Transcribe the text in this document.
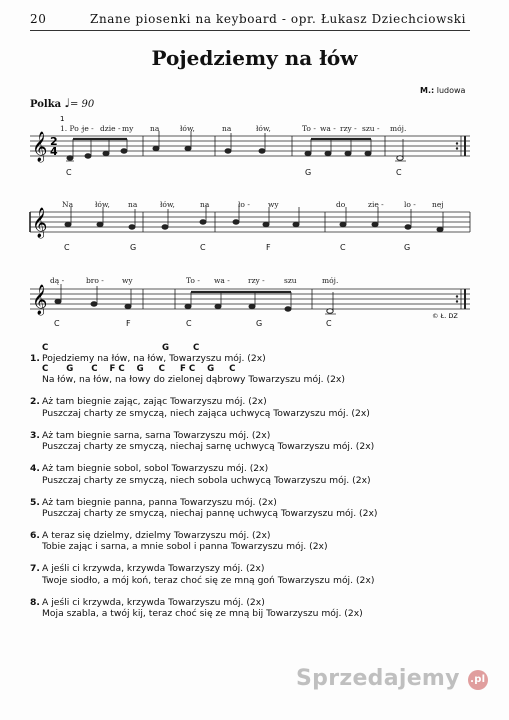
20	Znane piosenki na keyboard - opr. Łukasz Dziechciowski
Pojedziemy na łów
M.: ludowa
Polka ♩= 90
𝄞 2
4
1
1. Po -
je - dzie - my na	łów,	na	łów,	To - wa - rzy - szu - mój.
C	G	C
𝄞
Na	łów, na	łów,	na	ło - wy	do	zie -	lo - nej
C	G	C	F	C	G
𝄞
dą -	bro - wy	To - wa - rzy -	szu	mój.
C	F	C	G	C
© Ł. DZ
C                                      G        C
1. Pojedziemy na łów, na łów, Towarzyszu mój. (2x)
C      G      C    F C    G     C     F C    G     C
Na łów, na łów, na łowy do zielonej dąbrowy Towarzyszu mój. (2x)
2. Aż tam biegnie zając, zając Towarzyszu mój. (2x)
Puszczaj charty ze smyczą, niech zająca uchwycą Towarzyszu mój. (2x)
3. Aż tam biegnie sarna, sarna Towarzyszu mój. (2x)
Puszczaj charty ze smyczą, niechaj sarnę uchwycą Towarzyszu mój. (2x)
4. Aż tam biegnie sobol, sobol Towarzyszu mój. (2x)
Puszczaj charty ze smyczą, niech sobola uchwycą Towarzyszu mój. (2x)
5. Aż tam biegnie panna, panna Towarzyszu mój. (2x)
Puszczaj charty ze smyczą, niechaj pannę uchwycą Towarzyszu mój. (2x)
6. A teraz się dzielmy, dzielmy Towarzyszu mój. (2x)
Tobie zając i sarna, a mnie sobol i panna Towarzyszu mój. (2x)
7. A jeśli ci krzywda, krzywda Towarzyszy mój. (2x)
Twoje siodło, a mój koń, teraz choć się ze mną goń Towarzyszu mój. (2x)
8. A jeśli ci krzywda, krzywda Towarzyszu mój. (2x)
Moja szabla, a twój kij, teraz choć się ze mną bij Towarzyszu mój. (2x)
Sprzedajemy .pl
